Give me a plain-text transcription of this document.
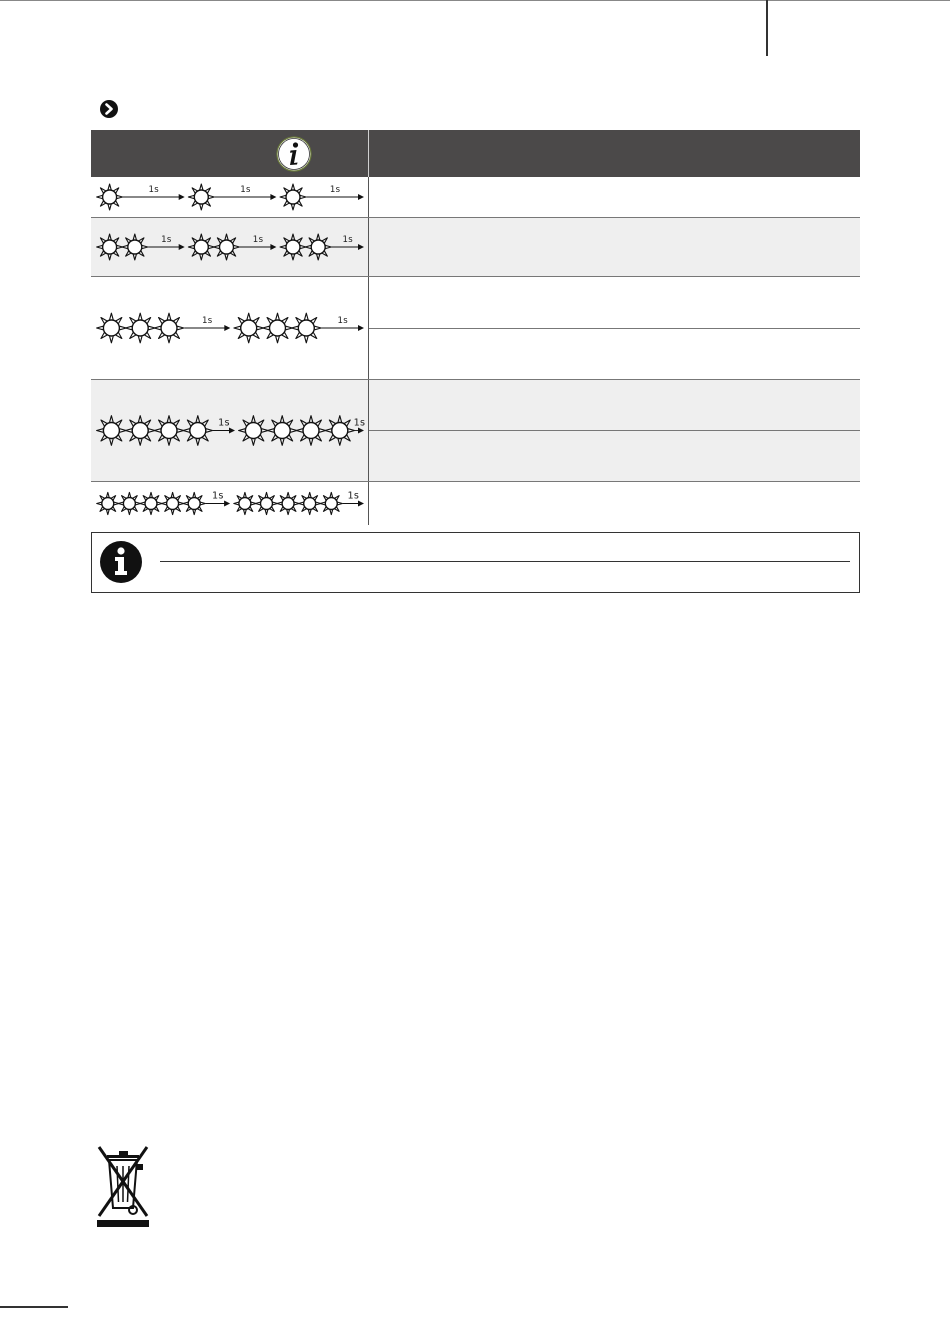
1s	1s	1s
1s	1s	1s
1s	1s
1s	1s
1s	1s
